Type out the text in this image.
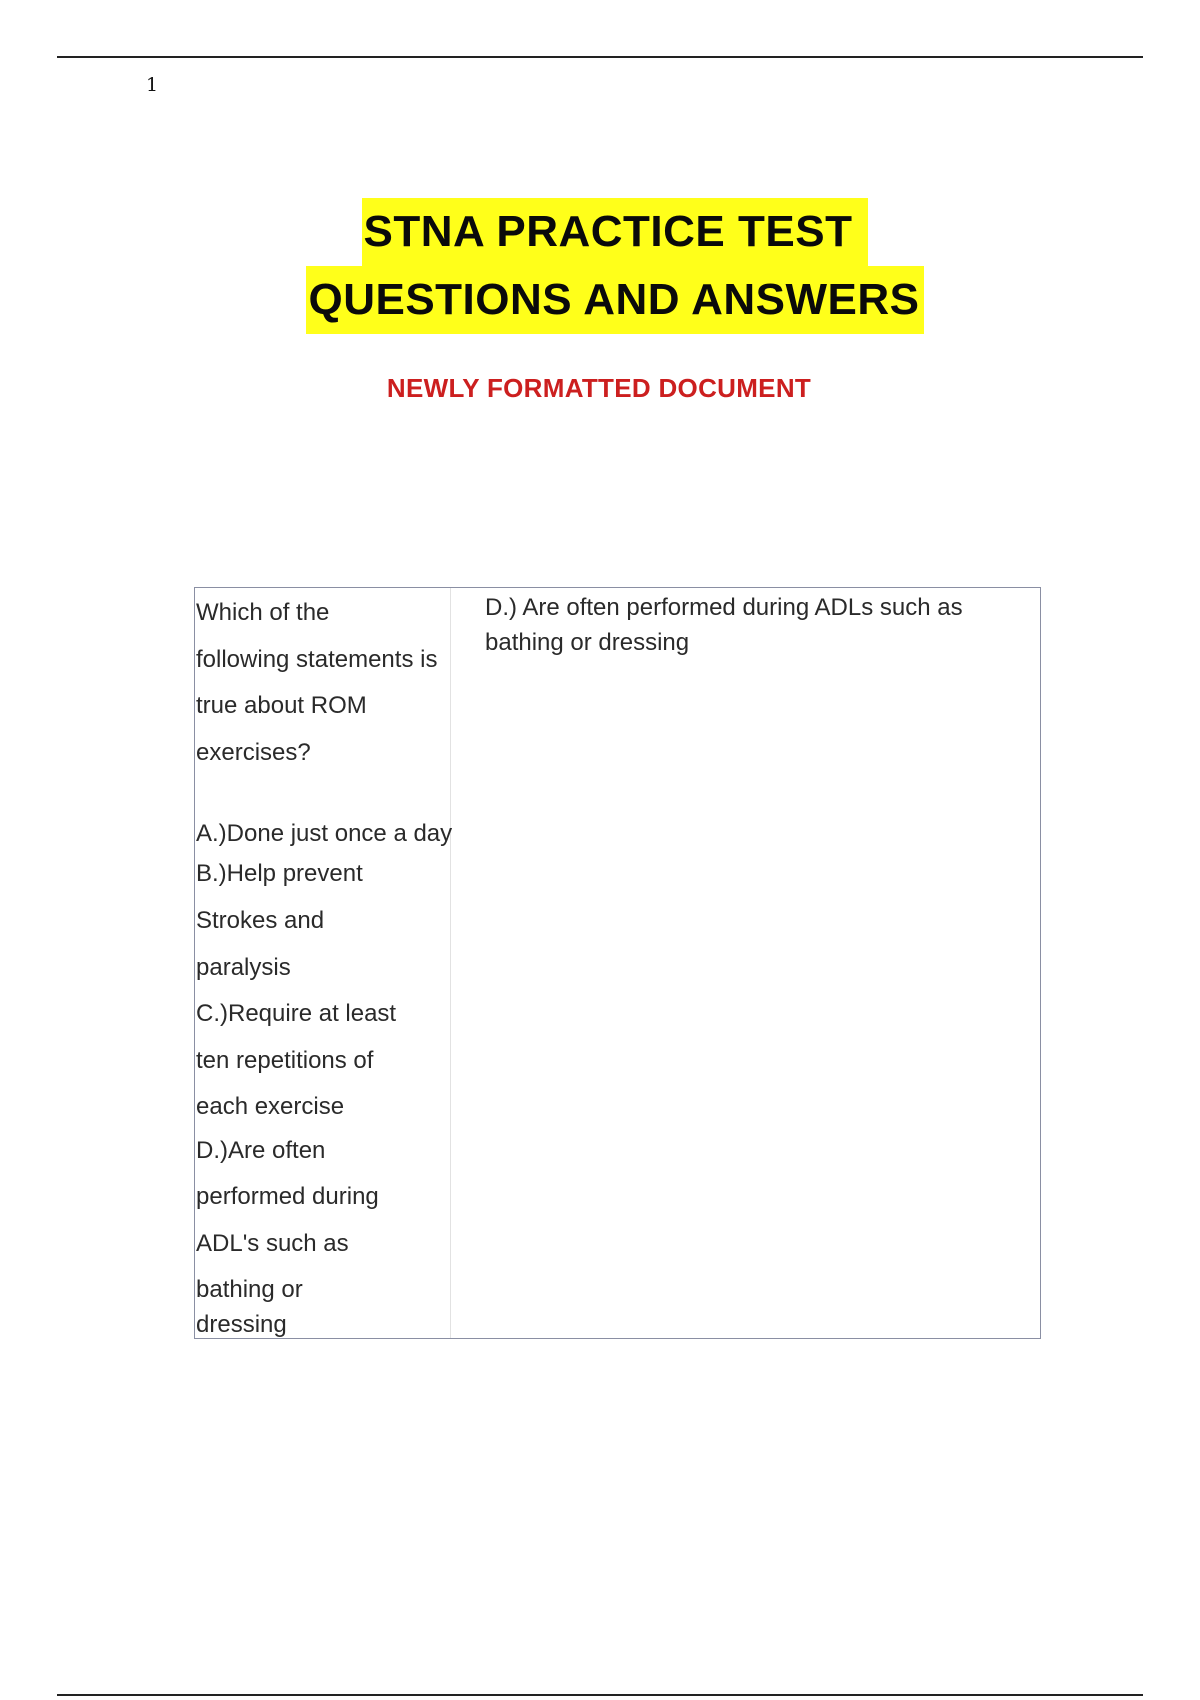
1
STNA PRACTICE TEST
QUESTIONS AND ANSWERS
NEWLY FORMATTED DOCUMENT
Which of the
following statements is
true about ROM
exercises?
A.)Done just once a day
B.)Help prevent
Strokes and
paralysis
C.)Require at least
ten repetitions of
each exercise
D.)Are often
performed during
ADL's such as
bathing or
dressing
D.) Are often performed during ADLs such as bathing or dressing
